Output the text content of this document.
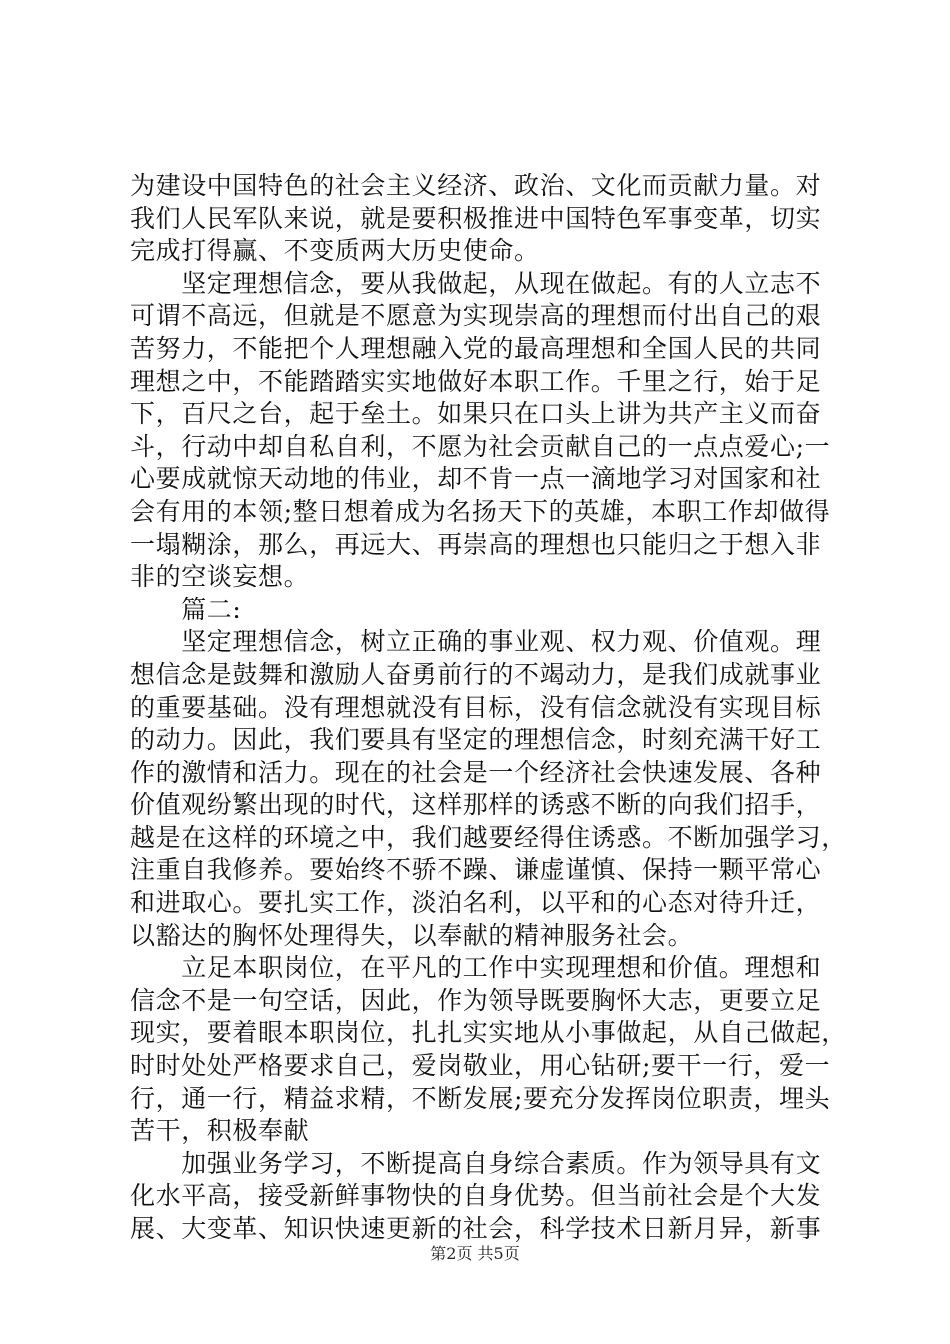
为建设中国特色的社会主义经济、政治、文化而贡献力量。对
我们人民军队来说，就是要积极推进中国特色军事变革，切实
完成打得赢、不变质两大历史使命。
　　坚定理想信念，要从我做起，从现在做起。有的人立志不
可谓不高远，但就是不愿意为实现崇高的理想而付出自己的艰
苦努力，不能把个人理想融入党的最高理想和全国人民的共同
理想之中，不能踏踏实实地做好本职工作。千里之行，始于足
下，百尺之台，起于垒土。如果只在口头上讲为共产主义而奋
斗，行动中却自私自利，不愿为社会贡献自己的一点点爱心;一
心要成就惊天动地的伟业，却不肯一点一滴地学习对国家和社
会有用的本领;整日想着成为名扬天下的英雄，本职工作却做得
一塌糊涂，那么，再远大、再崇高的理想也只能归之于想入非
非的空谈妄想。
　　篇二:
　　坚定理想信念，树立正确的事业观、权力观、价值观。理
想信念是鼓舞和激励人奋勇前行的不竭动力，是我们成就事业
的重要基础。没有理想就没有目标，没有信念就没有实现目标
的动力。因此，我们要具有坚定的理想信念，时刻充满干好工
作的激情和活力。现在的社会是一个经济社会快速发展、各种
价值观纷繁出现的时代，这样那样的诱惑不断的向我们招手，
越是在这样的环境之中，我们越要经得住诱惑。不断加强学习，
注重自我修养。要始终不骄不躁、谦虚谨慎、保持一颗平常心
和进取心。要扎实工作，淡泊名利，以平和的心态对待升迁，
以豁达的胸怀处理得失，以奉献的精神服务社会。
　　立足本职岗位，在平凡的工作中实现理想和价值。理想和
信念不是一句空话，因此，作为领导既要胸怀大志，更要立足
现实，要着眼本职岗位，扎扎实实地从小事做起，从自己做起，
时时处处严格要求自己，爱岗敬业，用心钻研;要干一行，爱一
行，通一行，精益求精，不断发展;要充分发挥岗位职责，埋头
苦干，积极奉献
　　加强业务学习，不断提高自身综合素质。作为领导具有文
化水平高，接受新鲜事物快的自身优势。但当前社会是个大发
展、大变革、知识快速更新的社会，科学技术日新月异，新事
第2页 共5页
